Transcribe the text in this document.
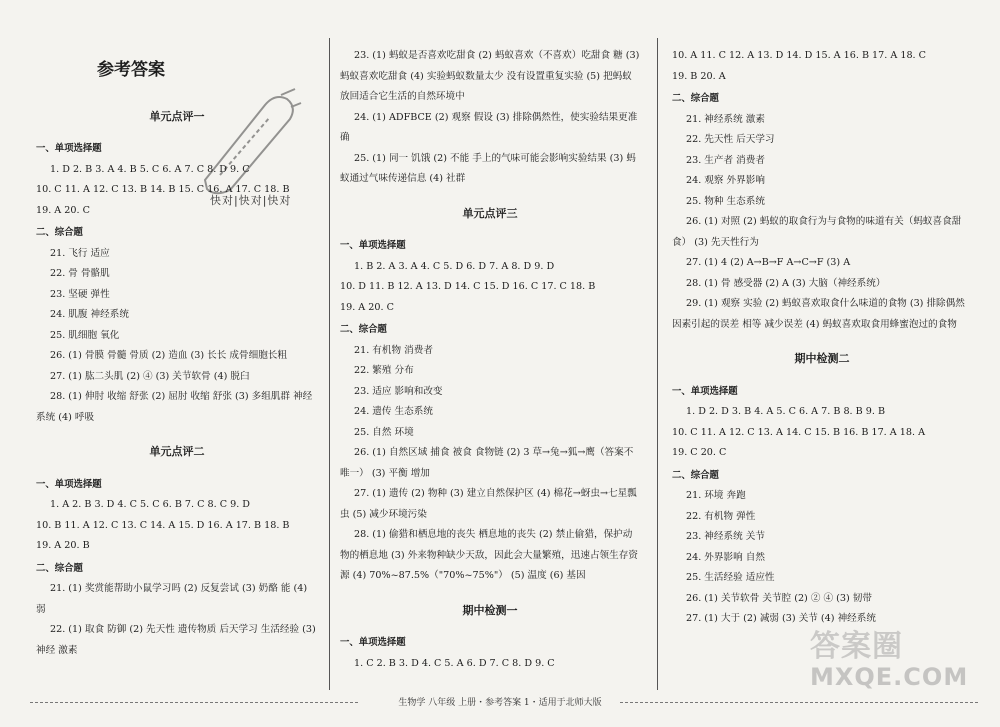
快对|快对|快对
参考答案
单元点评一
一、单项选择题
1. D 2. B 3. A 4. B 5. C 6. A 7. C 8. D 9. C
10. C 11. A 12. C 13. B 14. B 15. C 16. A 17. C 18. B
19. A 20. C
二、综合题
21. 飞行 适应
22. 骨 骨骼肌
23. 坚硬 弹性
24. 肌腹 神经系统
25. 肌细胞 氧化
26. (1) 骨膜 骨髓 骨质 (2) 造血 (3) 长长 成骨细胞长粗
27. (1) 肱二头肌 (2) ④ (3) 关节软骨 (4) 脱臼
28. (1) 伸肘 收缩 舒张 (2) 屈肘 收缩 舒张 (3) 多组肌群 神经系统 (4) 呼吸
单元点评二
一、单项选择题
1. A 2. B 3. D 4. C 5. C 6. B 7. C 8. C 9. D
10. B 11. A 12. C 13. C 14. A 15. D 16. A 17. B 18. B
19. A 20. B
二、综合题
21. (1) 奖赏能帮助小鼠学习吗 (2) 反复尝试 (3) 奶酪 能 (4) 弱
22. (1) 取食 防御 (2) 先天性 遗传物质 后天学习 生活经验 (3) 神经 激素
23. (1) 蚂蚁是否喜欢吃甜食 (2) 蚂蚁喜欢（不喜欢）吃甜食 糖 (3) 蚂蚁喜欢吃甜食 (4) 实验蚂蚁数量太少 没有设置重复实验 (5) 把蚂蚁放回适合它生活的自然环境中
24. (1) ADFBCE (2) 观察 假设 (3) 排除偶然性，使实验结果更准确
25. (1) 同一 饥饿 (2) 不能 手上的气味可能会影响实验结果 (3) 蚂蚁通过气味传递信息 (4) 社群
单元点评三
一、单项选择题
1. B 2. A 3. A 4. C 5. D 6. D 7. A 8. D 9. D
10. D 11. B 12. A 13. D 14. C 15. D 16. C 17. C 18. B
19. A 20. C
二、综合题
21. 有机物 消费者
22. 繁殖 分布
23. 适应 影响和改变
24. 遗传 生态系统
25. 自然 环境
26. (1) 自然区域 捕食 被食 食物链 (2) 3 草→兔→狐→鹰（答案不唯一） (3) 平衡 增加
27. (1) 遗传 (2) 物种 (3) 建立自然保护区 (4) 棉花→蚜虫→七星瓢虫 (5) 减少环境污染
28. (1) 偷猎和栖息地的丧失 栖息地的丧失 (2) 禁止偷猎，保护动物的栖息地 (3) 外来物种缺少天敌，因此会大量繁殖，迅速占领生存资源 (4) 70%~87.5%（"70%~75%"） (5) 温度 (6) 基因
期中检测一
一、单项选择题
1. C 2. B 3. D 4. C 5. A 6. D 7. C 8. D 9. C
10. A 11. C 12. A 13. D 14. D 15. A 16. B 17. A 18. C
19. B 20. A
二、综合题
21. 神经系统 激素
22. 先天性 后天学习
23. 生产者 消费者
24. 观察 外界影响
25. 物种 生态系统
26. (1) 对照 (2) 蚂蚁的取食行为与食物的味道有关（蚂蚁喜食甜食） (3) 先天性行为
27. (1) 4 (2) A→B→F A→C→F (3) A
28. (1) 骨 感受器 (2) A (3) 大脑（神经系统）
29. (1) 观察 实验 (2) 蚂蚁喜欢取食什么味道的食物 (3) 排除偶然因素引起的误差 相等 减少误差 (4) 蚂蚁喜欢取食用蜂蜜泡过的食物
期中检测二
一、单项选择题
1. D 2. D 3. B 4. A 5. C 6. A 7. B 8. B 9. B
10. C 11. A 12. C 13. A 14. C 15. B 16. B 17. A 18. A
19. C 20. C
二、综合题
21. 环境 奔跑
22. 有机物 弹性
23. 神经系统 关节
24. 外界影响 自然
25. 生活经验 适应性
26. (1) 关节软骨 关节腔 (2) ② ④ (3) 韧带
27. (1) 大于 (2) 减弱 (3) 关节 (4) 神经系统
答案圈
MXQE.COM
生物学 八年级 上册・参考答案 1・适用于北师大版
